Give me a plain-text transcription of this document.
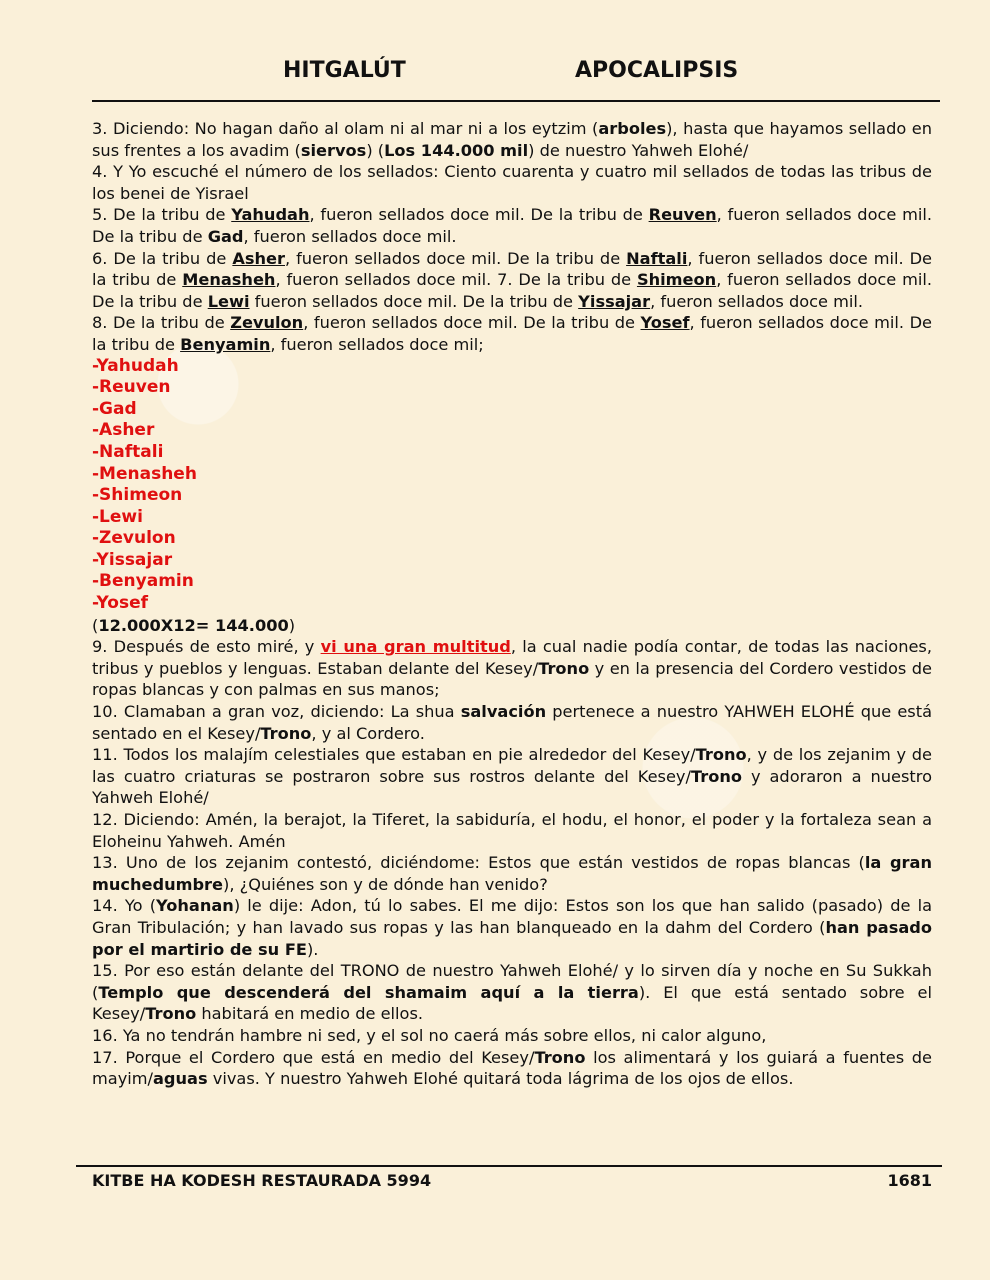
HITGALÚT	APOCALIPSIS

3. Diciendo: No hagan daño al olam ni al mar ni a los eytzim (arboles), hasta que hayamos sellado en sus frentes a los avadim (siervos) (Los 144.000 mil) de nuestro Yahweh Elohé/

4. Y Yo escuché el número de los sellados: Ciento cuarenta y cuatro mil sellados de todas las tribus de los benei de Yisrael

5. De la tribu de Yahudah, fueron sellados doce mil. De la tribu de Reuven, fueron sellados doce mil. De la tribu de Gad, fueron sellados doce mil.

6. De la tribu de Asher, fueron sellados doce mil. De la tribu de Naftali, fueron sellados doce mil. De la tribu de Menasheh, fueron sellados doce mil. 7. De la tribu de Shimeon, fueron sellados doce mil. De la tribu de Lewi fueron sellados doce mil. De la tribu de Yissajar, fueron sellados doce mil.

8. De la tribu de Zevulon, fueron sellados doce mil. De la tribu de Yosef, fueron sellados doce mil. De la tribu de Benyamin, fueron sellados doce mil;

-Yahudah
-Reuven
-Gad
-Asher
-Naftali
-Menasheh
-Shimeon
-Lewi
-Zevulon
-Yissajar
-Benyamin
-Yosef

(12.000X12= 144.000)

9. Después de esto miré, y vi una gran multitud, la cual nadie podía contar, de todas las naciones, tribus y pueblos y lenguas. Estaban delante del Kesey/Trono y en la presencia del Cordero vestidos de ropas blancas y con palmas en sus manos;

10. Clamaban a gran voz, diciendo: La shua salvación pertenece a nuestro YAHWEH ELOHÉ que está sentado en el Kesey/Trono, y al Cordero.

11. Todos los malajím celestiales que estaban en pie alrededor del Kesey/Trono, y de los zejanim y de las cuatro criaturas se postraron sobre sus rostros delante del Kesey/Trono y adoraron a nuestro Yahweh Elohé/

12. Diciendo: Amén, la berajot, la Tiferet, la sabiduría, el hodu, el honor, el poder y la fortaleza sean a Eloheinu Yahweh. Amén

13. Uno de los zejanim contestó, diciéndome: Estos que están vestidos de ropas blancas (la gran muchedumbre), ¿Quiénes son y de dónde han venido?

14. Yo (Yohanan) le dije: Adon, tú lo sabes. El me dijo: Estos son los que han salido (pasado) de la Gran Tribulación; y han lavado sus ropas y las han blanqueado en la dahm del Cordero (han pasado por el martirio de su FE).

15. Por eso están delante del TRONO de nuestro Yahweh Elohé/ y lo sirven día y noche en Su Sukkah (Templo que descenderá del shamaim aquí a la tierra). El que está sentado sobre el Kesey/Trono habitará en medio de ellos.

16. Ya no tendrán hambre ni sed, y el sol no caerá más sobre ellos, ni calor alguno,

17. Porque el Cordero que está en medio del Kesey/Trono los alimentará y los guiará a fuentes de mayim/aguas vivas. Y nuestro Yahweh Elohé quitará toda lágrima de los ojos de ellos.

KITBE HA KODESH RESTAURADA 5994	1681
